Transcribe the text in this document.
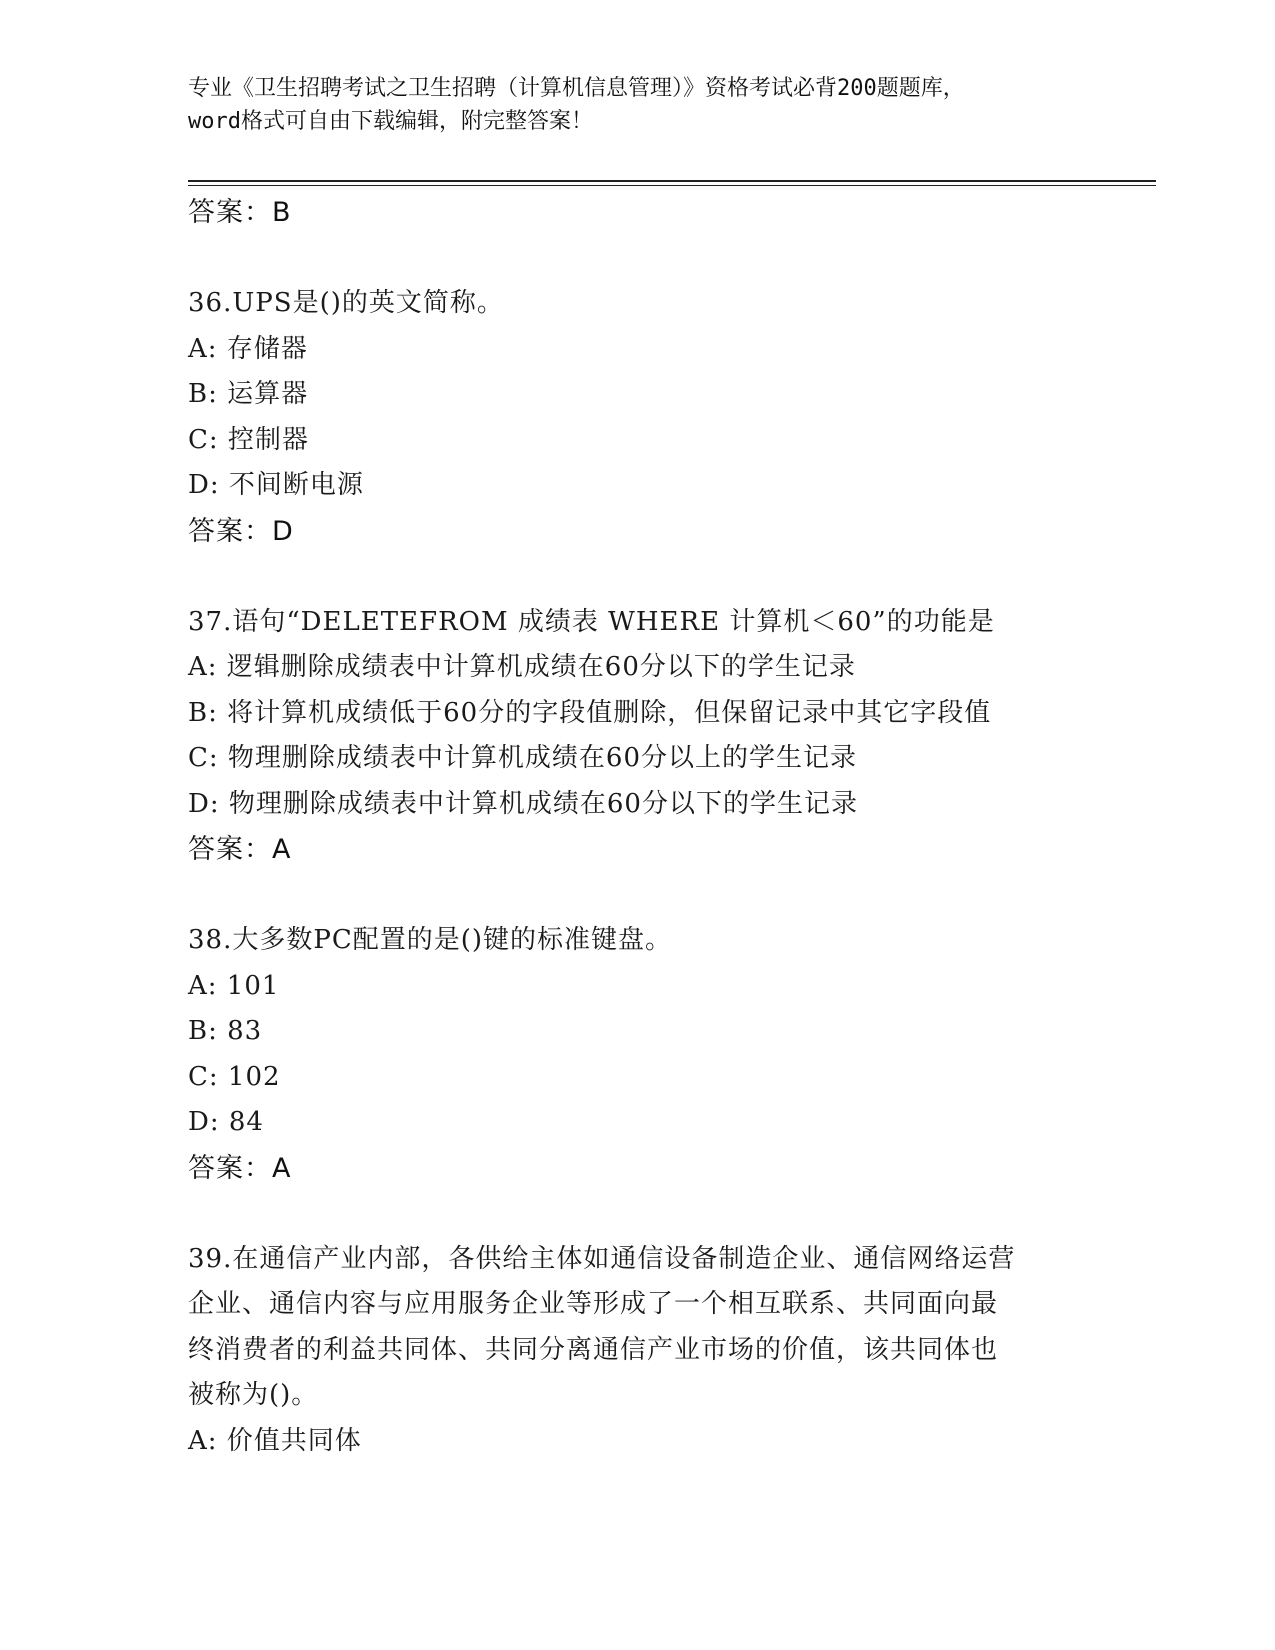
专业《卫生招聘考试之卫生招聘（计算机信息管理）》资格考试必背200题题库，
word格式可自由下载编辑，附完整答案！
答案：B
36.UPS是()的英文简称。
A: 存储器
B: 运算器
C: 控制器
D: 不间断电源
答案：D
37.语句“DELETEFROM 成绩表 WHERE 计算机＜60”的功能是
A: 逻辑删除成绩表中计算机成绩在60分以下的学生记录
B: 将计算机成绩低于60分的字段值删除，但保留记录中其它字段值
C: 物理删除成绩表中计算机成绩在60分以上的学生记录
D: 物理删除成绩表中计算机成绩在60分以下的学生记录
答案：A
38.大多数PC配置的是()键的标准键盘。
A: 101
B: 83
C: 102
D: 84
答案：A
39.在通信产业内部，各供给主体如通信设备制造企业、通信网络运营
企业、通信内容与应用服务企业等形成了一个相互联系、共同面向最
终消费者的利益共同体、共同分离通信产业市场的价值，该共同体也
被称为()。
A: 价值共同体
